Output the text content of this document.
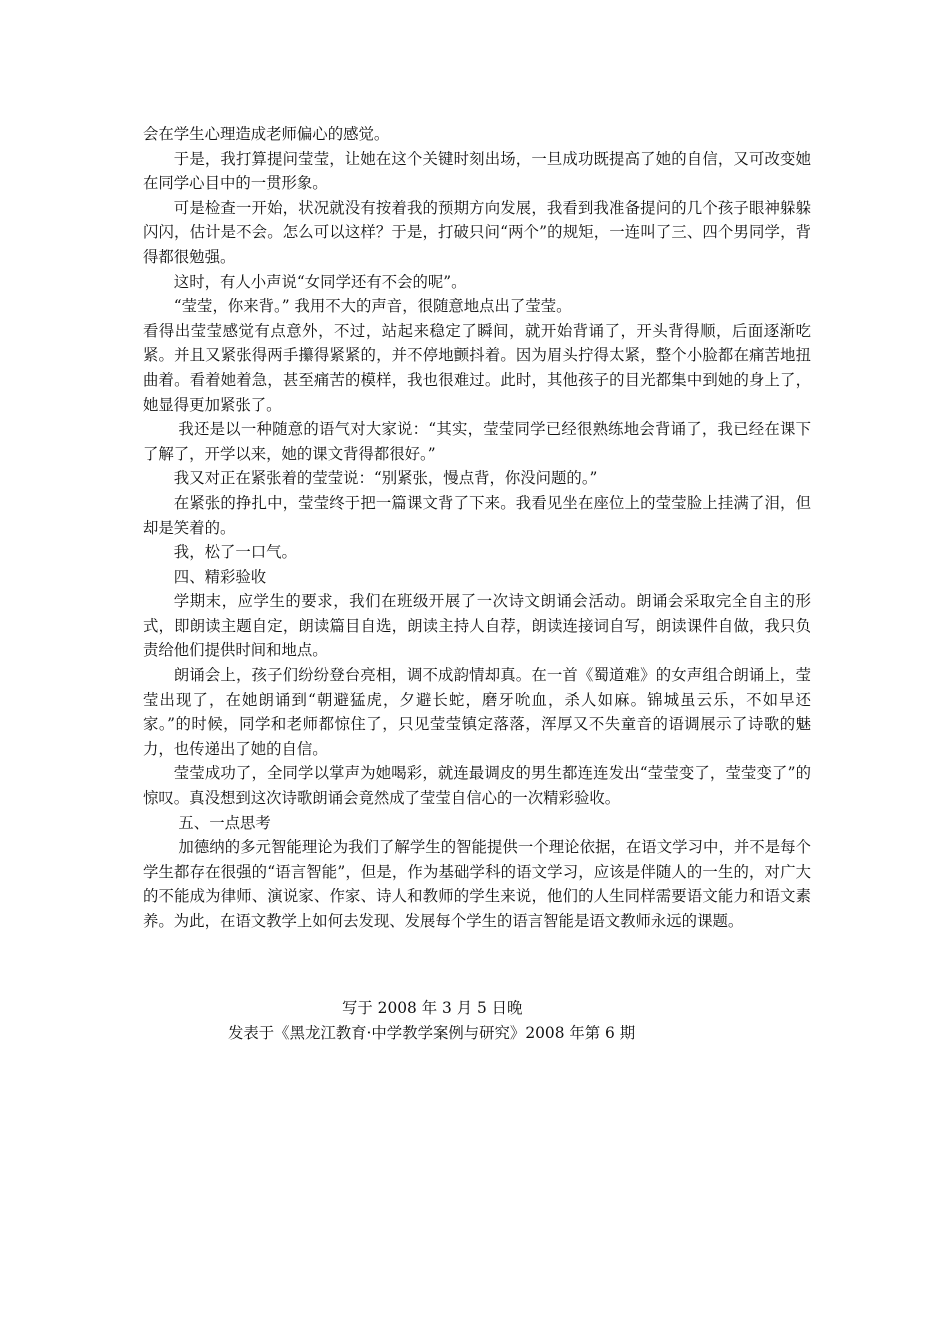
会在学生心理造成老师偏心的感觉。

于是，我打算提问莹莹，让她在这个关键时刻出场，一旦成功既提高了她的自信，又可改变她在同学心目中的一贯形象。

可是检查一开始，状况就没有按着我的预期方向发展，我看到我准备提问的几个孩子眼神躲躲闪闪，估计是不会。怎么可以这样？于是，打破只问“两个”的规矩，一连叫了三、四个男同学，背得都很勉强。

这时，有人小声说“女同学还有不会的呢”。

“莹莹，你来背。” 我用不大的声音，很随意地点出了莹莹。

看得出莹莹感觉有点意外，不过，站起来稳定了瞬间，就开始背诵了，开头背得顺，后面逐渐吃紧。并且又紧张得两手攥得紧紧的，并不停地颤抖着。因为眉头拧得太紧，整个小脸都在痛苦地扭曲着。看着她着急，甚至痛苦的模样，我也很难过。此时，其他孩子的目光都集中到她的身上了，她显得更加紧张了。

我还是以一种随意的语气对大家说：“其实，莹莹同学已经很熟练地会背诵了，我已经在课下了解了，开学以来，她的课文背得都很好。”

我又对正在紧张着的莹莹说：“别紧张，慢点背，你没问题的。”

在紧张的挣扎中，莹莹终于把一篇课文背了下来。我看见坐在座位上的莹莹脸上挂满了泪，但却是笑着的。

我，松了一口气。

四、精彩验收

学期末，应学生的要求，我们在班级开展了一次诗文朗诵会活动。朗诵会采取完全自主的形式，即朗读主题自定，朗读篇目自选，朗读主持人自荐，朗读连接词自写，朗读课件自做，我只负责给他们提供时间和地点。

朗诵会上，孩子们纷纷登台亮相，调不成韵情却真。在一首《蜀道难》的女声组合朗诵上，莹莹出现了，在她朗诵到“朝避猛虎，夕避长蛇，磨牙吮血，杀人如麻。锦城虽云乐，不如早还家。”的时候，同学和老师都惊住了，只见莹莹镇定落落，浑厚又不失童音的语调展示了诗歌的魅力，也传递出了她的自信。

莹莹成功了，全同学以掌声为她喝彩，就连最调皮的男生都连连发出“莹莹变了，莹莹变了”的惊叹。真没想到这次诗歌朗诵会竟然成了莹莹自信心的一次精彩验收。

五、一点思考

加德纳的多元智能理论为我们了解学生的智能提供一个理论依据，在语文学习中，并不是每个学生都存在很强的“语言智能”，但是，作为基础学科的语文学习，应该是伴随人的一生的，对广大的不能成为律师、演说家、作家、诗人和教师的学生来说，他们的人生同样需要语文能力和语文素养。为此，在语文教学上如何去发现、发展每个学生的语言智能是语文教师永远的课题。

写于 2008 年 3 月 5 日晚
发表于《黑龙江教育·中学教学案例与研究》2008 年第 6 期
